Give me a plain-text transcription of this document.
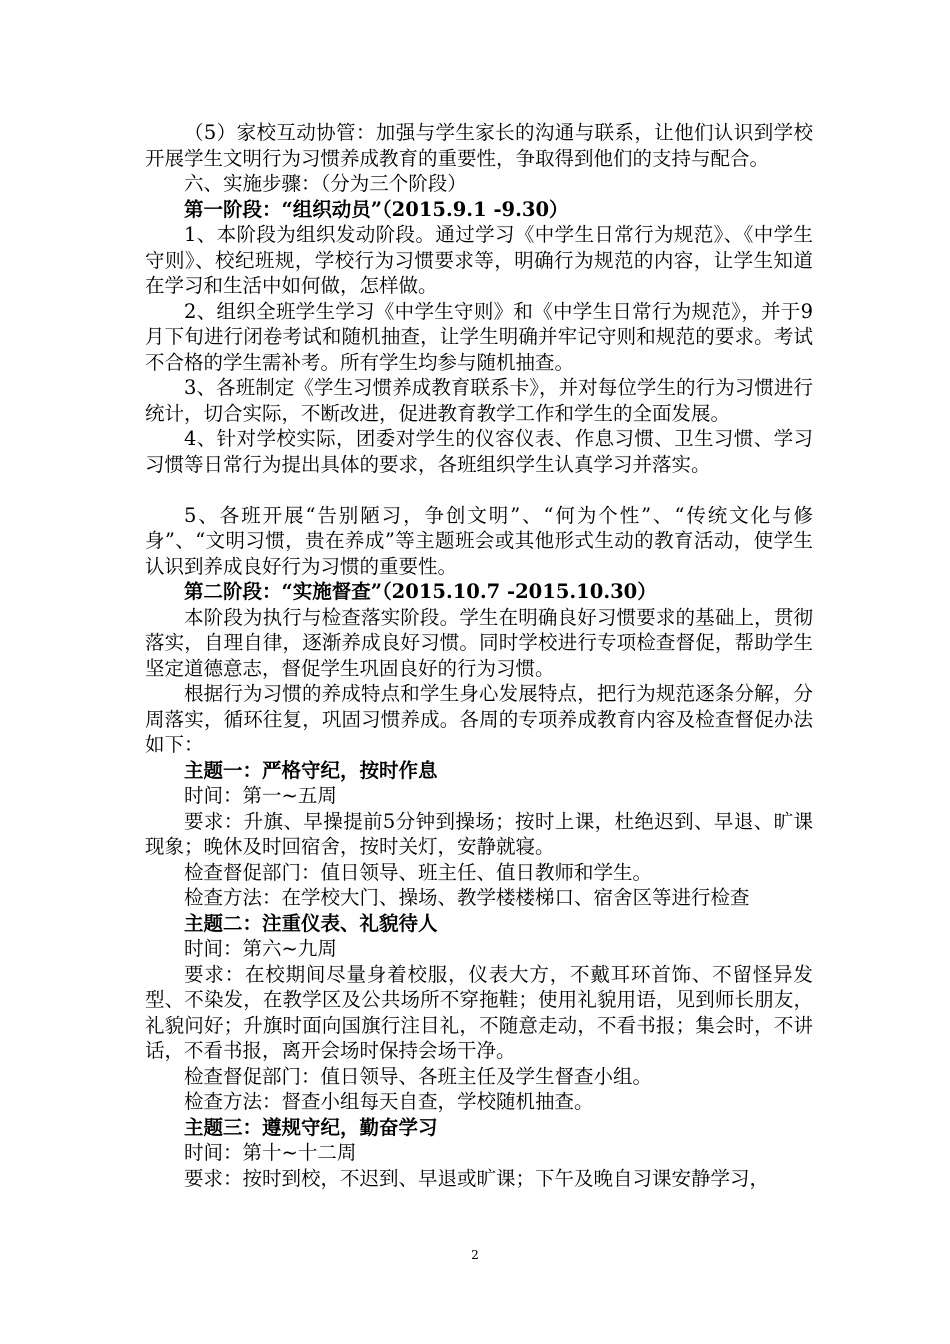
（5）家校互动协管：加强与学生家长的沟通与联系，让他们认识到学校开展学生文明行为习惯养成教育的重要性，争取得到他们的支持与配合。

六、实施步骤：（分为三个阶段）

第一阶段：“组织动员”（2015.9.1 -9.30）

1、本阶段为组织发动阶段。通过学习《中学生日常行为规范》、《中学生守则》、校纪班规，学校行为习惯要求等，明确行为规范的内容，让学生知道在学习和生活中如何做，怎样做。

2、组织全班学生学习《中学生守则》和《中学生日常行为规范》，并于9月下旬进行闭卷考试和随机抽查，让学生明确并牢记守则和规范的要求。考试不合格的学生需补考。所有学生均参与随机抽查。

3、各班制定《学生习惯养成教育联系卡》，并对每位学生的行为习惯进行统计，切合实际，不断改进，促进教育教学工作和学生的全面发展。

4、针对学校实际，团委对学生的仪容仪表、作息习惯、卫生习惯、学习习惯等日常行为提出具体的要求，各班组织学生认真学习并落实。

5、各班开展“告别陋习，争创文明”、“何为个性”、“传统文化与修身”、“文明习惯，贵在养成”等主题班会或其他形式生动的教育活动，使学生认识到养成良好行为习惯的重要性。

第二阶段：“实施督查”（2015.10.7 -2015.10.30）

本阶段为执行与检查落实阶段。学生在明确良好习惯要求的基础上，贯彻落实，自理自律，逐渐养成良好习惯。同时学校进行专项检查督促，帮助学生坚定道德意志，督促学生巩固良好的行为习惯。

根据行为习惯的养成特点和学生身心发展特点，把行为规范逐条分解，分周落实，循环往复，巩固习惯养成。各周的专项养成教育内容及检查督促办法如下：

主题一：严格守纪，按时作息

时间：第一~五周

要求：升旗、早操提前5分钟到操场；按时上课，杜绝迟到、早退、旷课现象；晚休及时回宿舍，按时关灯，安静就寝。

检查督促部门：值日领导、班主任、值日教师和学生。

检查方法：在学校大门、操场、教学楼楼梯口、宿舍区等进行检查

主题二：注重仪表、礼貌待人

时间：第六~九周

要求：在校期间尽量身着校服，仪表大方，不戴耳环首饰、不留怪异发型、不染发，在教学区及公共场所不穿拖鞋；使用礼貌用语，见到师长朋友，礼貌问好；升旗时面向国旗行注目礼，不随意走动，不看书报；集会时，不讲话，不看书报，离开会场时保持会场干净。

检查督促部门：值日领导、各班主任及学生督查小组。

检查方法：督查小组每天自查，学校随机抽查。

主题三：遵规守纪，勤奋学习

时间：第十~十二周

要求：按时到校，不迟到、早退或旷课；下午及晚自习课安静学习，

2
